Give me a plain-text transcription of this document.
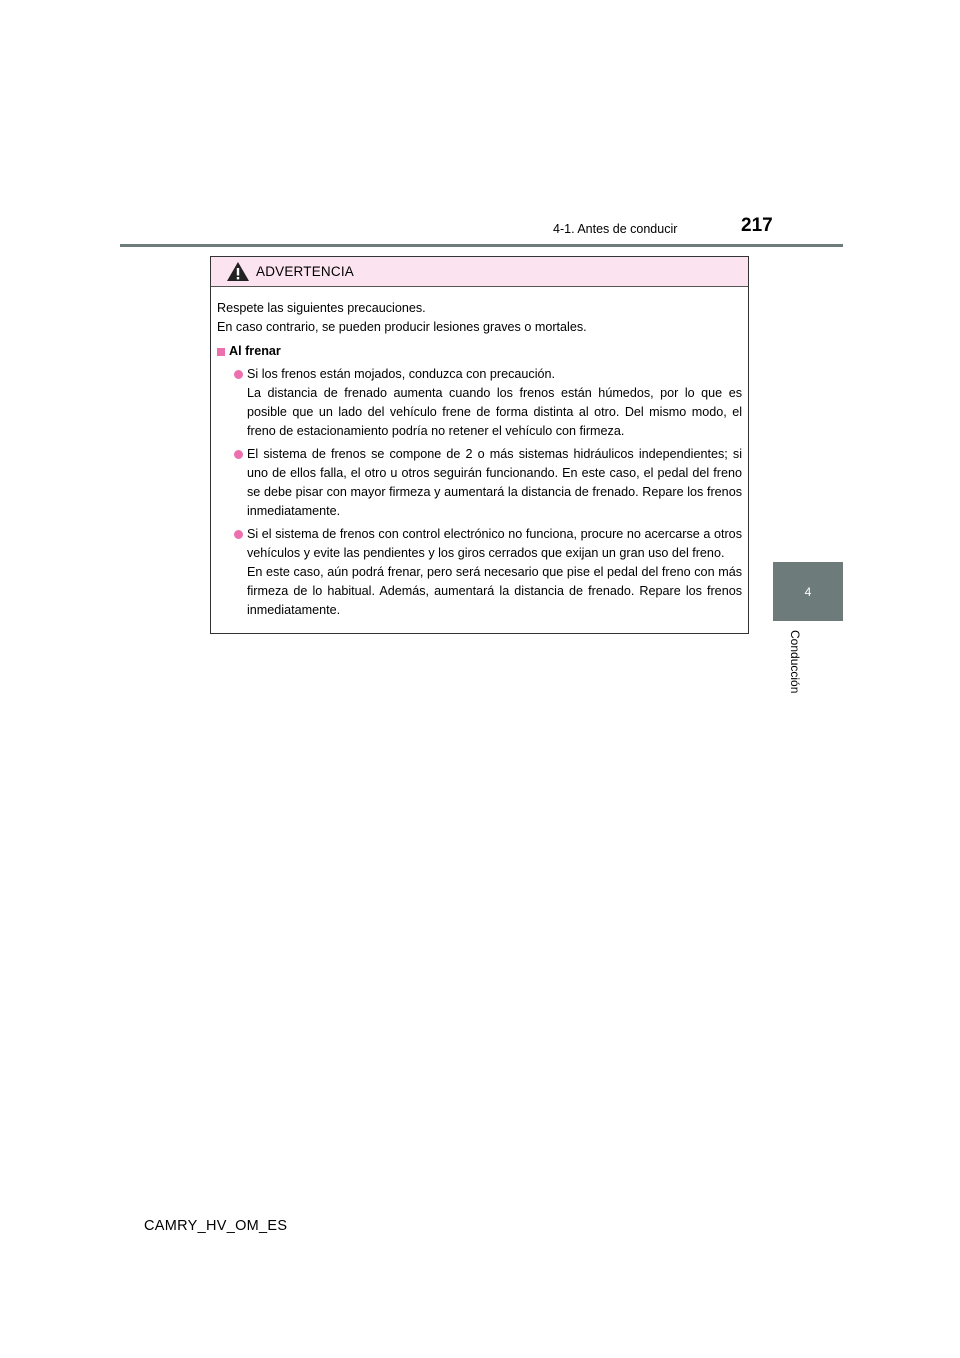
4-1. Antes de conducir	217
4
Conducción
ADVERTENCIA

Respete las siguientes precauciones.

En caso contrario, se pueden producir lesiones graves o mortales.

Al frenar

Si los frenos están mojados, conduzca con precaución.

La distancia de frenado aumenta cuando los frenos están húmedos, por lo que es posible que un lado del vehículo frene de forma distinta al otro. Del mismo modo, el freno de estacionamiento podría no retener el vehículo con firmeza.

El sistema de frenos se compone de 2 o más sistemas hidráulicos independientes; si uno de ellos falla, el otro u otros seguirán funcionando. En este caso, el pedal del freno se debe pisar con mayor firmeza y aumentará la distancia de frenado. Repare los frenos inmediatamente.

Si el sistema de frenos con control electrónico no funciona, procure no acercarse a otros vehículos y evite las pendientes y los giros cerrados que exijan un gran uso del freno.

En este caso, aún podrá frenar, pero será necesario que pise el pedal del freno con más firmeza de lo habitual. Además, aumentará la distancia de frenado. Repare los frenos inmediatamente.

CAMRY_HV_OM_ES
